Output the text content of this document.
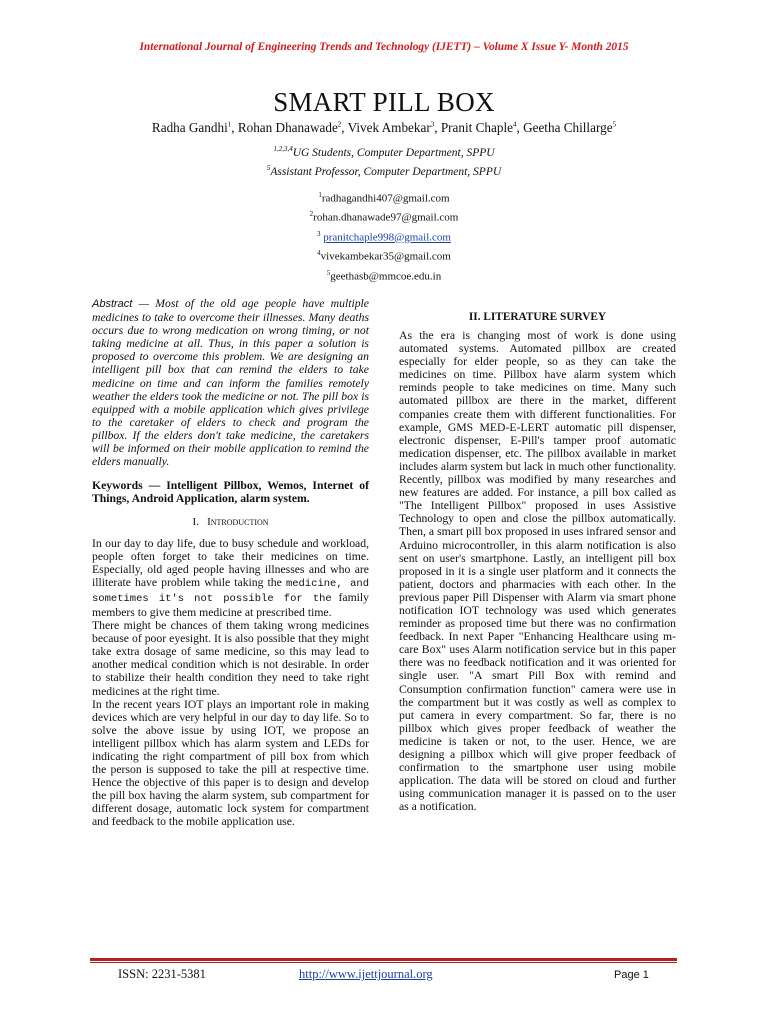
International Journal of Engineering Trends and Technology (IJETT) – Volume X Issue Y- Month 2015
SMART PILL BOX
Radha Gandhi$^1$, Rohan Dhanawade$^2$, Vivek Ambekar$^3$, Pranit Chaple$^4$, Geetha Chillarge$^5$
$^{1,2,3,4}$UG Students, Computer Department, SPPU
$^5$Assistant Professor, Computer Department, SPPU
$^1$radhagandhi407@gmail.com
$^2$rohan.dhanawade97@gmail.com
$^3$ pranitchaple998@gmail.com
$^4$vivekambekar35@gmail.com
$^5$geethasb@mmcoe.edu.in

Abstract — Most of the old age people have multiple medicines to take to overcome their illnesses. Many deaths occurs due to wrong medication on wrong timing, or not taking medicine at all. Thus, in this paper a solution is proposed to overcome this problem. We are designing an intelligent pill box that can remind the elders to take medicine on time and can inform the families remotely weather the elders took the medicine or not. The pill box is equipped with a mobile application which gives privilege to the caretaker of elders to check and program the pillbox. If the elders don't take medicine, the caretakers will be informed on their mobile application to remind the elders manually.

Keywords — Intelligent Pillbox, Wemos, Internet of Things, Android Application, alarm system.

I. Introduction

In our day to day life, due to busy schedule and workload, people often forget to take their medicines on time. Especially, old aged people having illnesses and who are illiterate have problem while taking the medicine, and sometimes it's not possible for the family members to give them medicine at prescribed time.

There might be chances of them taking wrong medicines because of poor eyesight. It is also possible that they might take extra dosage of same medicine, so this may lead to another medical condition which is not desirable. In order to stabilize their health condition they need to take right medicines at the right time.

In the recent years IOT plays an important role in making devices which are very helpful in our day to day life. So to solve the above issue by using IOT, we propose an intelligent pillbox which has alarm system and LEDs for indicating the right compartment of pill box from which the person is supposed to take the pill at respective time. Hence the objective of this paper is to design and develop the pill box having the alarm system, sub compartment for different dosage, automatic lock system for compartment and feedback to the mobile application use.

II. LITERATURE SURVEY

As the era is changing most of work is done using automated systems. Automated pillbox are created especially for elder people, so as they can take the medicines on time. Pillbox have alarm system which reminds people to take medicines on time. Many such automated pillbox are there in the market, different companies create them with different functionalities. For example, GMS MED-E-LERT automatic pill dispenser, electronic dispenser, E-Pill's tamper proof automatic medication dispenser, etc. The pillbox available in market includes alarm system but lack in much other functionality. Recently, pillbox was modified by many researches and new features are added. For instance, a pill box called as "The Intelligent Pillbox" proposed in uses Assistive Technology to open and close the pillbox automatically. Then, a smart pill box proposed in uses infrared sensor and Arduino microcontroller, in this alarm notification is also sent on user's smartphone. Lastly, an intelligent pill box proposed in it is a single user platform and it connects the patient, doctors and pharmacies with each other. In the previous paper Pill Dispenser with Alarm via smart phone notification IOT technology was used which generates reminder as proposed time but there was no confirmation feedback. In next Paper "Enhancing Healthcare using m-care Box" uses Alarm notification service but in this paper there was no feedback notification and it was oriented for single user. "A smart Pill Box with remind and Consumption confirmation function" camera were use in the compartment but it was costly as well as complex to put camera in every compartment. So far, there is no pillbox which gives proper feedback of weather the medicine is taken or not, to the user. Hence, we are designing a pillbox which will give proper feedback of confirmation to the smartphone user using mobile application. The data will be stored on cloud and further using communication manager it is passed on to the user as a notification.

ISSN: 2231-5381	http://www.ijettjournal.org	Page 1
